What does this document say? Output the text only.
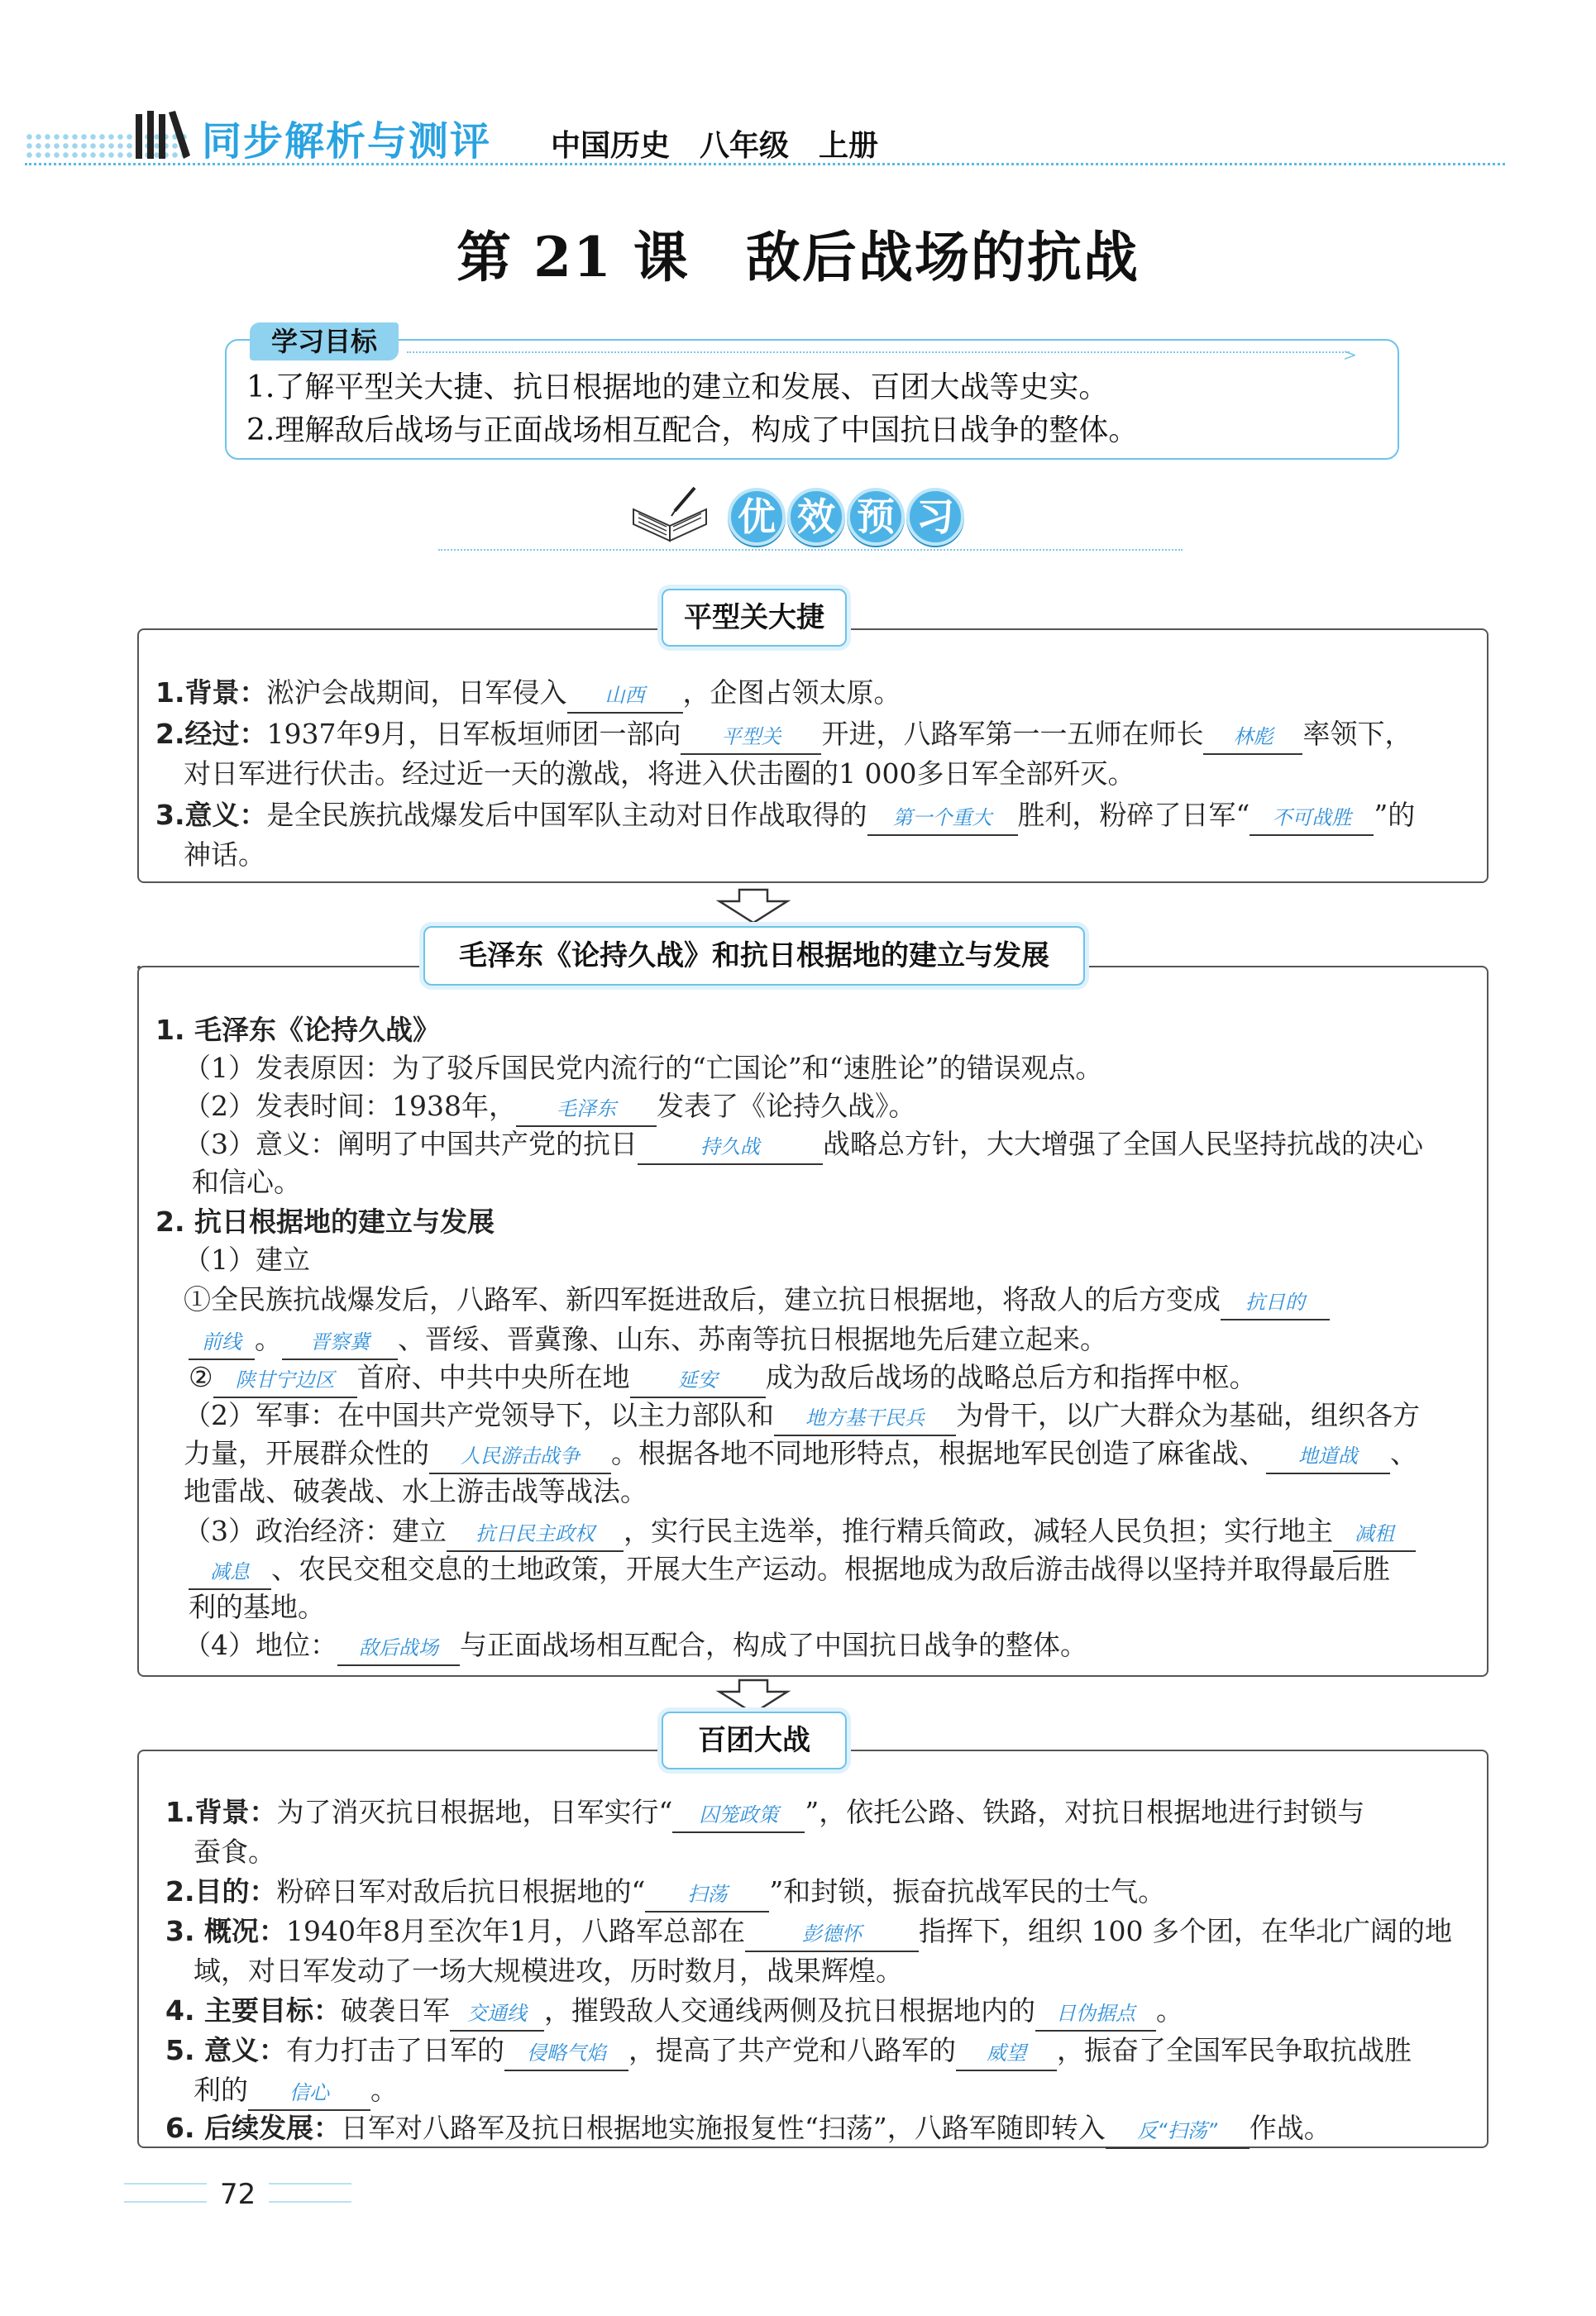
同步解析与测评 中国历史　八年级　上册
第 21 课　敌后战场的抗战
学习目标	>
1.了解平型关大捷、抗日根据地的建立和发展、百团大战等史实。
2.理解敌后战场与正面战场相互配合，构成了中国抗日战争的整体。
优 效 预 习
平型关大捷
1.背景：淞沪会战期间，日军侵入 山西 ，企图占领太原。
2.经过：1937年9月，日军板垣师团一部向 平型关 开进，八路军第一一五师在师长 林彪 率领下，
对日军进行伏击。经过近一天的激战，将进入伏击圈的1 000多日军全部歼灭。
3.意义：是全民族抗战爆发后中国军队主动对日作战取得的 第一个重大 胜利，粉碎了日军“ 不可战胜 ”的
神话。
毛泽东《论持久战》和抗日根据地的建立与发展
1. 毛泽东《论持久战》
（1）发表原因：为了驳斥国民党内流行的“亡国论”和“速胜论”的错误观点。
（2）发表时间：1938年， 毛泽东 发表了《论持久战》。
（3）意义：阐明了中国共产党的抗日	持久战 战略总方针，大大增强了全国人民坚持抗战的决心
和信心。
2. 抗日根据地的建立与发展
（1）建立
①全民族抗战爆发后，八路军、新四军挺进敌后，建立抗日根据地，将敌人的后方变成 抗日的
前线 。 晋察冀 、晋绥、晋冀豫、山东、苏南等抗日根据地先后建立起来。
② 陕甘宁边区 首府、中共中央所在地 延安 成为敌后战场的战略总后方和指挥中枢。
（2）军事：在中国共产党领导下，以主力部队和 地方基干民兵 为骨干，以广大群众为基础，组织各方
力量，开展群众性的 人民游击战争 。根据各地不同地形特点，根据地军民创造了麻雀战、 地道战 、
地雷战、破袭战、水上游击战等战法。
（3）政治经济：建立 抗日民主政权 ，实行民主选举，推行精兵简政，减轻人民负担；实行地主 减租
减息 、农民交租交息的土地政策，开展大生产运动。根据地成为敌后游击战得以坚持并取得最后胜
利的基地。
（4）地位： 敌后战场 与正面战场相互配合，构成了中国抗日战争的整体。
百团大战
1.背景：为了消灭抗日根据地，日军实行“ 囚笼政策 ”，依托公路、铁路，对抗日根据地进行封锁与
蚕食。
2.目的：粉碎日军对敌后抗日根据地的“ 扫荡 ”和封锁，振奋抗战军民的士气。
3. 概况：1940年8月至次年1月，八路军总部在	彭德怀 指挥下，组织 100 多个团，在华北广阔的地
域，对日军发动了一场大规模进攻，历时数月，战果辉煌。
4. 主要目标：破袭日军 交通线 ，摧毁敌人交通线两侧及抗日根据地内的 日伪据点 。
5. 意义：有力打击了日军的 侵略气焰 ，提高了共产党和八路军的 威望 ，振奋了全国军民争取抗战胜
利的 信心 。
6. 后续发展：日军对八路军及抗日根据地实施报复性“扫荡”，八路军随即转入 反“扫荡” 作战。
72
